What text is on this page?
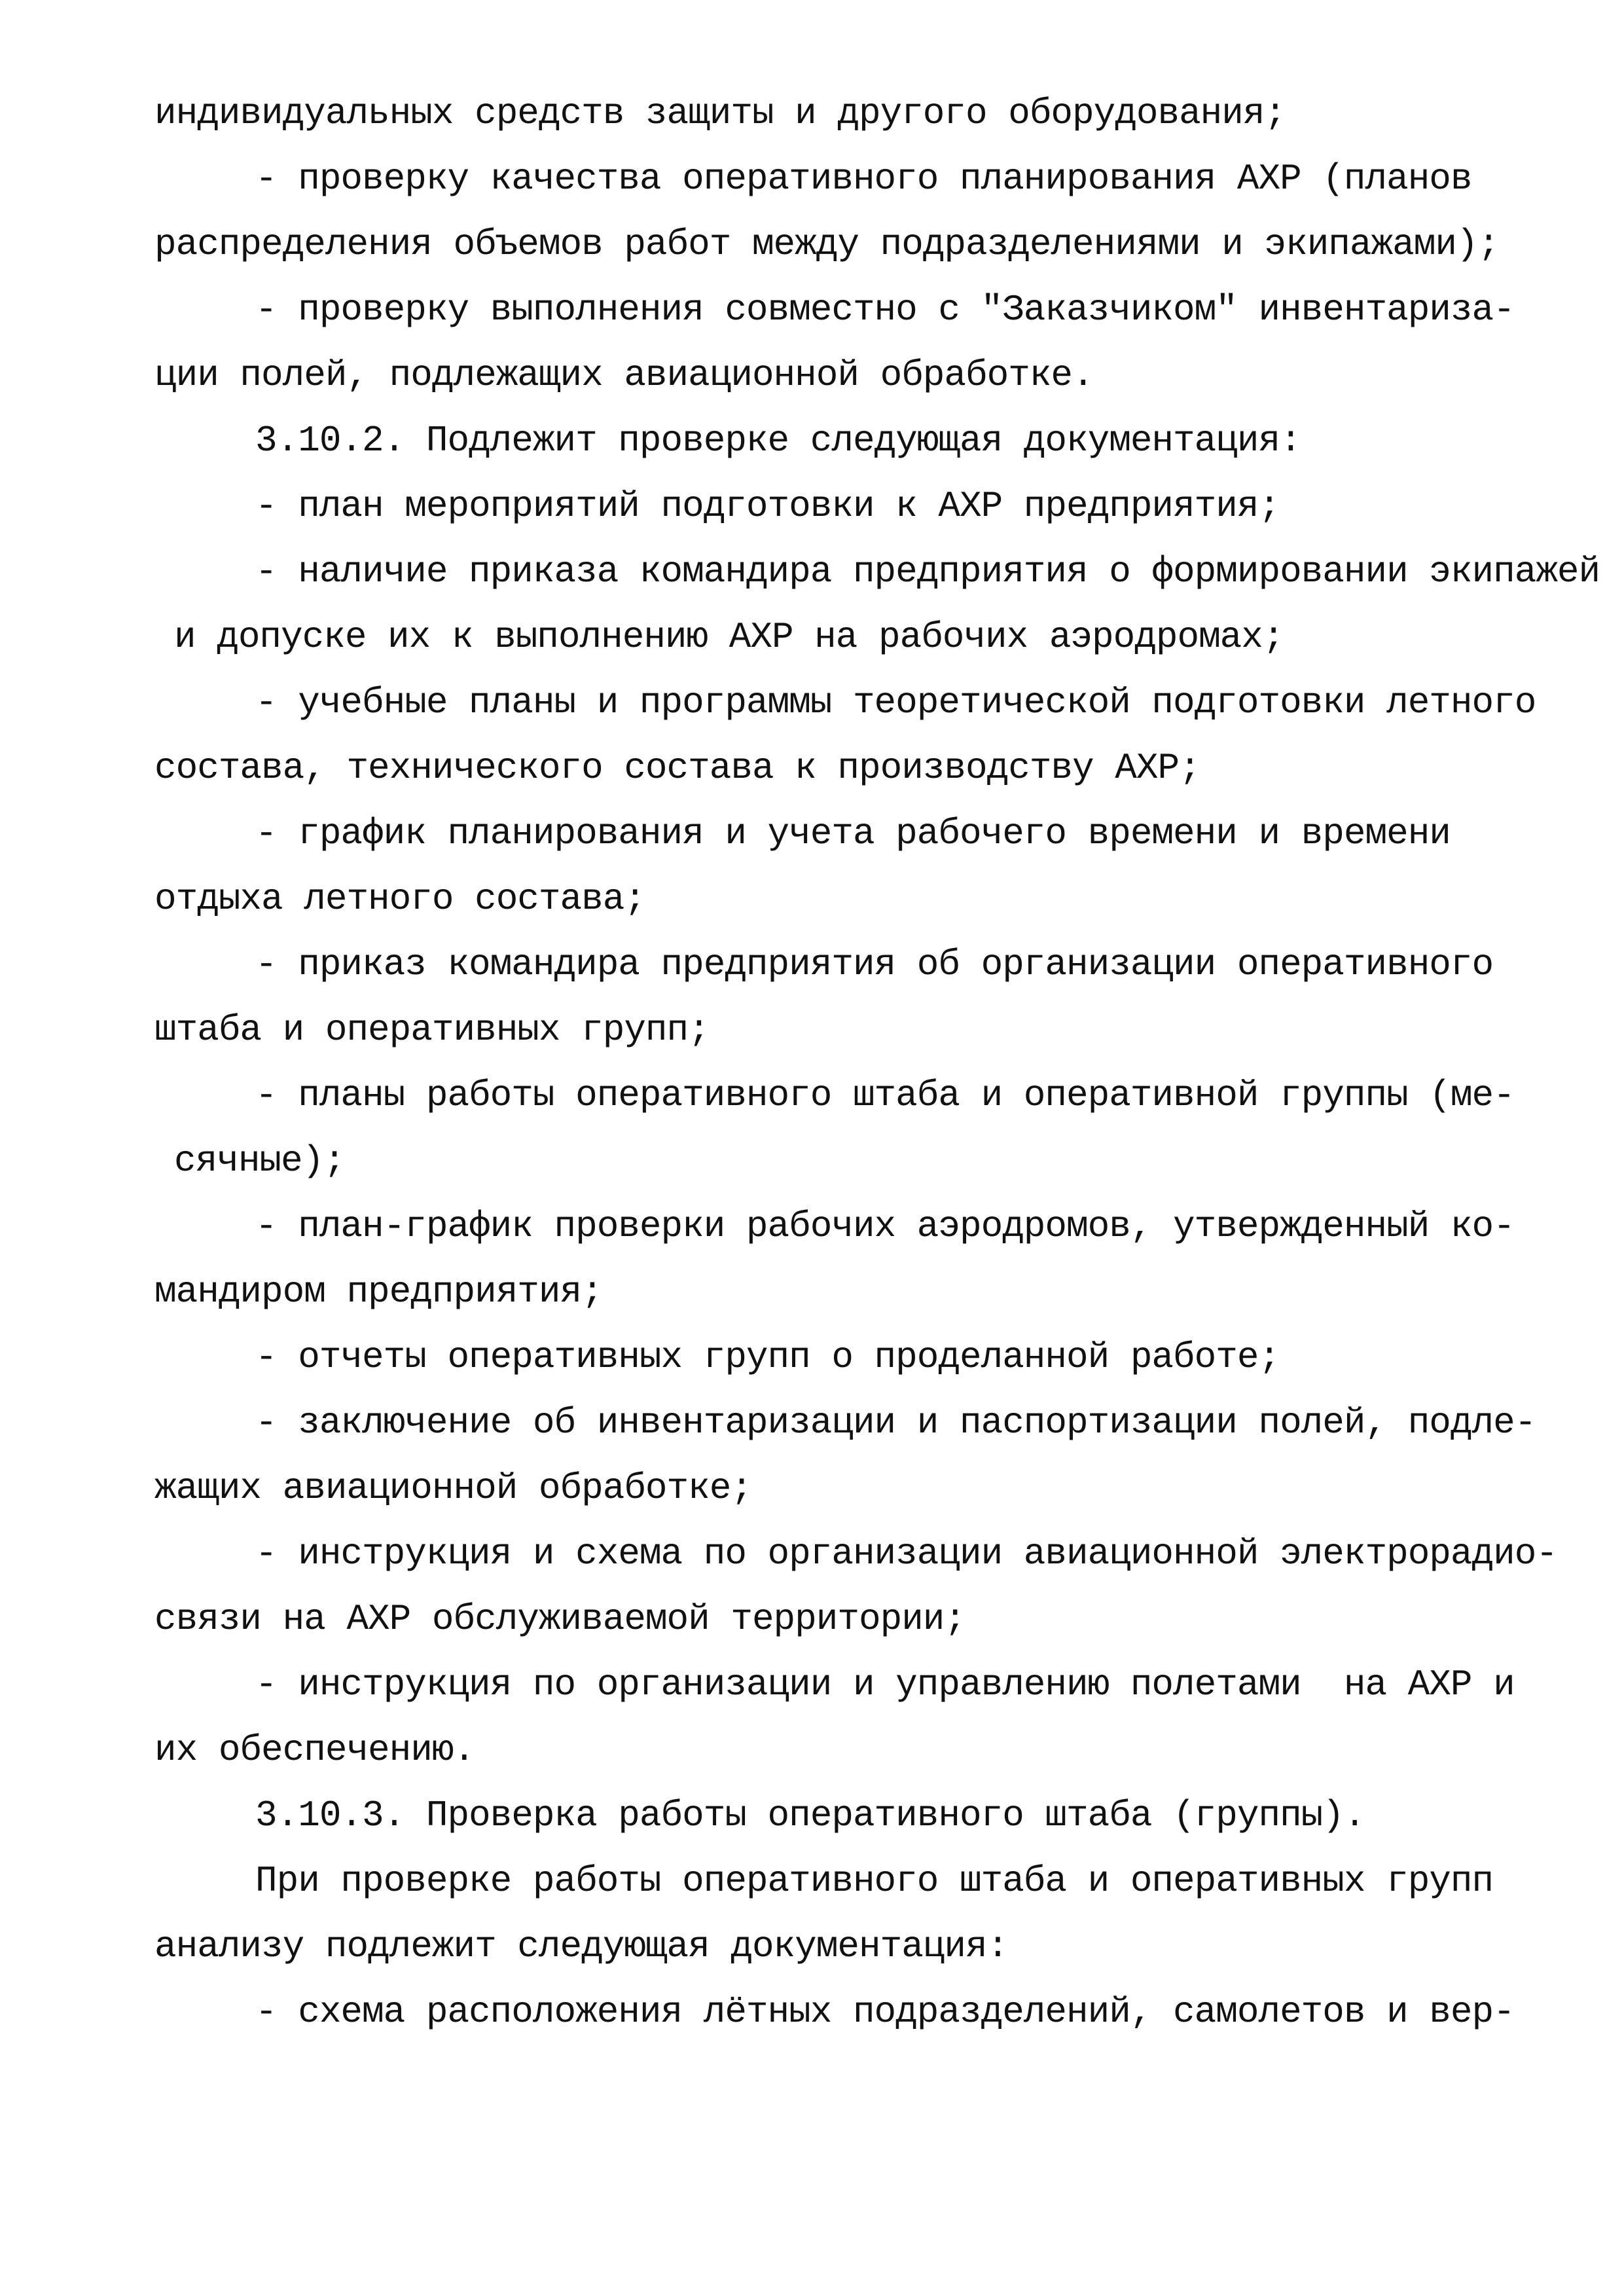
индивидуальных средств защиты и другого оборудования;
- проверку качества оперативного планирования АХР (планов
распределения объемов работ между подразделениями и экипажами);
- проверку выполнения совместно с "Заказчиком" инвентариза-
ции полей, подлежащих авиационной обработке.
3.10.2. Подлежит проверке следующая документация:
- план мероприятий подготовки к АХР предприятия;
- наличие приказа командира предприятия о формировании экипажей
и допуске их к выполнению АХР на рабочих аэродромах;
- учебные планы и программы теоретической подготовки летного
состава, технического состава к производству АХР;
- график планирования и учета рабочего времени и времени
отдыха летного состава;
- приказ командира предприятия об организации оперативного
штаба и оперативных групп;
- планы работы оперативного штаба и оперативной группы (ме-
сячные);
- план-график проверки рабочих аэродромов, утвержденный ко-
мандиром предприятия;
- отчеты оперативных групп о проделанной работе;
- заключение об инвентаризации и паспортизации полей, подле-
жащих авиационной обработке;
- инструкция и схема по организации авиационной электрорадио-
связи на АХР обслуживаемой территории;
- инструкция по организации и управлению полетами  на АХР и
их обеспечению.
3.10.3. Проверка работы оперативного штаба (группы).
При проверке работы оперативного штаба и оперативных групп
анализу подлежит следующая документация:
- схема расположения лётных подразделений, самолетов и вер-
